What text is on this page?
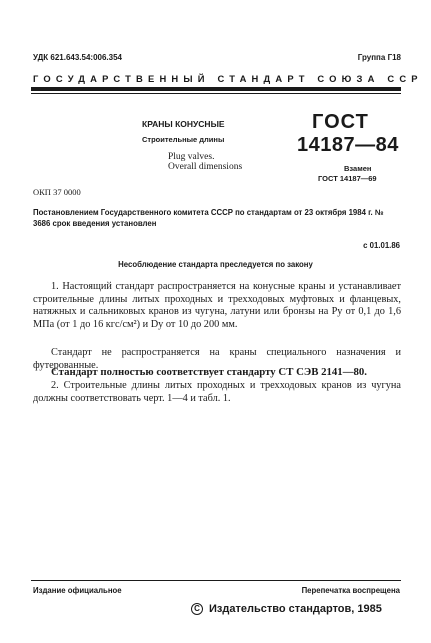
УДК 621.643.54:006.354	Группа Г18
ГОСУДАРСТВЕННЫЙ СТАНДАРТ СОЮЗА ССР
КРАНЫ КОНУСНЫЕ
Строительные длины
Plug valves.
Overall dimensions
ГОСТ
14187—84
Взамен
ГОСТ 14187—69
ОКП 37 0000
Постановлением Государственного комитета СССР по стандартам от 23 октября 1984 г. № 3686 срок введения установлен
с 01.01.86
Несоблюдение стандарта преследуется по закону
1. Настоящий стандарт распространяется на конусные краны и устанавливает строительные длины литых проходных и трехходовых муфтовых и фланцевых, натяжных и сальниковых кранов из чугуна, латуни или бронзы на Pу от 0,1 до 1,6 МПа (от 1 до 16 кгс/см²) и Dу от 10 до 200 мм.
Стандарт не распространяется на краны специального назначения и футерованные.
Стандарт полностью соответствует стандарту СТ СЭВ 2141—80.
2. Строительные длины литых проходных и трехходовых кранов из чугуна должны соответствовать черт. 1—4 и табл. 1.
Издание официальное	Перепечатка воспрещена
C Издательство стандартов, 1985
